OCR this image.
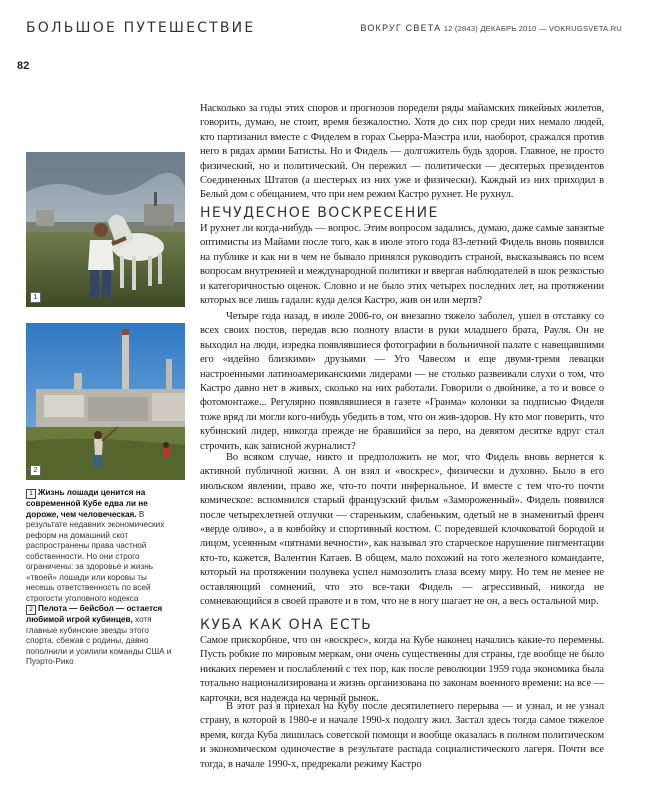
БОЛЬШОЕ ПУТЕШЕСТВИЕ	ВОКРУГ СВЕТА 12 (2843) ДЕКАБРЬ 2010 — VOKRUGSVETA.RU
82
1
2

1 Жизнь лошади ценится на современной Кубе едва ли не дороже, чем человеческая. В результате недавних экономических реформ на домашний скот распространены права частной собственности. Но они строго ограничены: за здоровье и жизнь «твоей» лошади или коровы ты несешь ответственность по всей строгости уголовного кодекса

2 Пелота — бейсбол — остается любимой игрой кубинцев, хотя главные кубинские звезды этого спорта, сбежав с родины, давно пополнили и усилили команды США и Пуэрто-Рико

Насколько за годы этих споров и прогнозов поредели ряды майамских пикейных жилетов, говорить, думаю, не стоит, время безжалостно. Хотя до сих пор среди них немало людей, кто партизанил вместе с Фиделем в горах Сьерра-Маэстра или, наоборот, сражался против него в рядах армии Батисты. Но и Фидель — долгожитель будь здоров. Главное, не просто физический, но и политический. Он пережил — политически — десятерых президентов Соединенных Штатов (а шестерых из них уже и физически). Каждый из них приходил в Белый дом с обещанием, что при нем режим Кастро рухнет. Не рухнул.

НЕЧУДЕСНОЕ ВОСКРЕСЕНИЕ

И рухнет ли когда-нибудь — вопрос. Этим вопросом задались, думаю, даже самые завзятые оптимисты из Майами после того, как в июле этого года 83-летний Фидель вновь появился на публике и как ни в чем не бывало принялся руководить страной, высказываясь по всем вопросам внутренней и международной политики и ввергая наблюдателей в шок резкостью и категоричностью оценок. Словно и не было этих четырех последних лет, на протяжении которых все лишь гадали: куда делся Кастро, жив он или мертв?

Четыре года назад, в июле 2006-го, он внезапно тяжело заболел, ушел в отставку со всех своих постов, передав всю полноту власти в руки младшего брата, Рауля. Он не выходил на люди, изредка появлявшиеся фотографии в больничной палате с навещавшими его «идейно близкими» друзьями — Уго Чавесом и еще двумя-тремя левацки настроенными латиноамериканскими лидерами — не столько развеивали слухи о том, что Кастро давно нет в живых, сколько на них работали. Говорили о двойнике, а то и вовсе о фотомонтаже... Регулярно появлявшиеся в газете «Гранма» колонки за подписью Фиделя тоже вряд ли могли кого-нибудь убедить в том, что он жив-здоров. Ну кто мог поверить, что кубинский лидер, никогда прежде не бравшийся за перо, на девятом десятке вдруг стал строчить, как записной журналист?

Во всяком случае, никто и предположить не мог, что Фидель вновь вернется к активной публичной жизни. А он взял и «воскрес», физически и духовно. Было в его июльском явлении, право же, что-то почти инфернальное. И вместе с тем что-то почти комическое: вспомнился старый французский фильм «Замороженный». Фидель появился после четырехлетней отлучки — стареньким, слабеньким, одетый не в знаменитый френч «верде оливо», а в ковбойку и спортивный костюм. С поредевшей клочковатой бородой и лицом, усеянным «пятнами вечности», как называл это старческое нарушение пигментации кто-то, кажется, Валентин Катаев. В общем, мало похожий на того железного команданте, который на протяжении полувека успел намозолить глаза всему миру. Но тем не менее не оставляющий сомнений, что это все-таки Фидель — агрессивный, никогда не сомневающийся в своей правоте и в том, что не в ногу шагает не он, а весь остальной мир.

КУБА КАК ОНА ЕСТЬ

Самое прискорбное, что он «воскрес», когда на Кубе наконец начались какие-то перемены. Пусть робкие по мировым меркам, они очень существенны для страны, где вообще не было никаких перемен и послаблений с тех пор, как после революции 1959 года экономика была тотально национализирована и жизнь организована по законам военного времени: на все — карточки, вся надежда на черный рынок.

В этот раз я приехал на Кубу после десятилетнего перерыва — и узнал, и не узнал страну, в которой в 1980-е и начале 1990-х подолгу жил. Застал здесь тогда самое тяжелое время, когда Куба лишилась советской помощи и вообще оказалась в полном политическом и экономическом одиночестве в результате распада социалистического лагеря. Почти все тогда, в начале 1990-х, предрекали режиму Кастро
